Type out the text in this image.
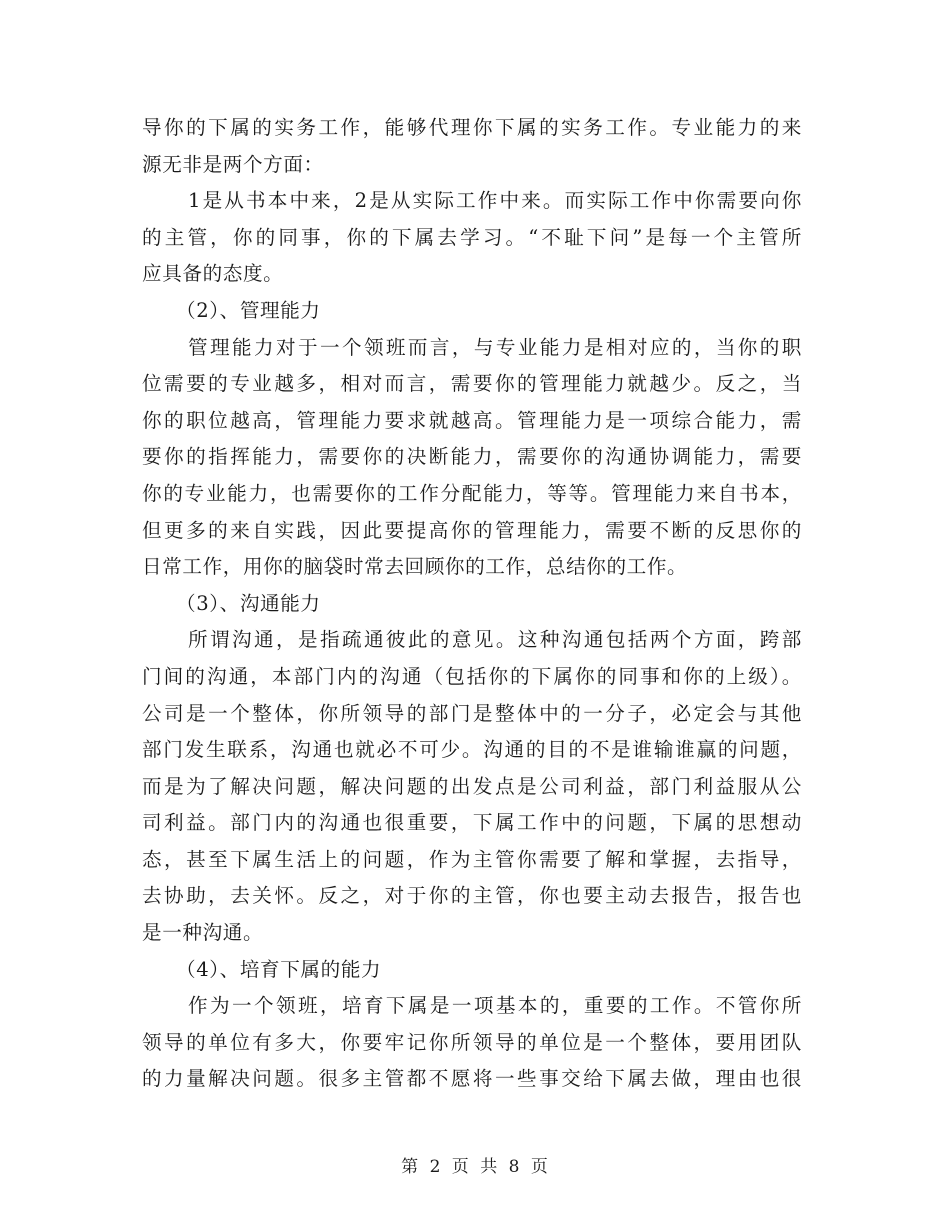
导你的下属的实务工作，能够代理你下属的实务工作。专业能力的来
源无非是两个方面：
1是从书本中来，2是从实际工作中来。而实际工作中你需要向你
的主管，你的同事，你的下属去学习。“不耻下问”是每一个主管所
应具备的态度。
（2）、管理能力
管理能力对于一个领班而言，与专业能力是相对应的，当你的职
位需要的专业越多，相对而言，需要你的管理能力就越少。反之，当
你的职位越高，管理能力要求就越高。管理能力是一项综合能力，需
要你的指挥能力，需要你的决断能力，需要你的沟通协调能力，需要
你的专业能力，也需要你的工作分配能力，等等。管理能力来自书本，
但更多的来自实践，因此要提高你的管理能力，需要不断的反思你的
日常工作，用你的脑袋时常去回顾你的工作，总结你的工作。
（3）、沟通能力
所谓沟通，是指疏通彼此的意见。这种沟通包括两个方面，跨部
门间的沟通，本部门内的沟通（包括你的下属你的同事和你的上级）。
公司是一个整体，你所领导的部门是整体中的一分子，必定会与其他
部门发生联系，沟通也就必不可少。沟通的目的不是谁输谁赢的问题，
而是为了解决问题，解决问题的出发点是公司利益，部门利益服从公
司利益。部门内的沟通也很重要，下属工作中的问题，下属的思想动
态，甚至下属生活上的问题，作为主管你需要了解和掌握，去指导，
去协助，去关怀。反之，对于你的主管，你也要主动去报告，报告也
是一种沟通。
（4）、培育下属的能力
作为一个领班，培育下属是一项基本的，重要的工作。不管你所
领导的单位有多大，你要牢记你所领导的单位是一个整体，要用团队
的力量解决问题。很多主管都不愿将一些事交给下属去做，理由也很
第 2 页 共 8 页
